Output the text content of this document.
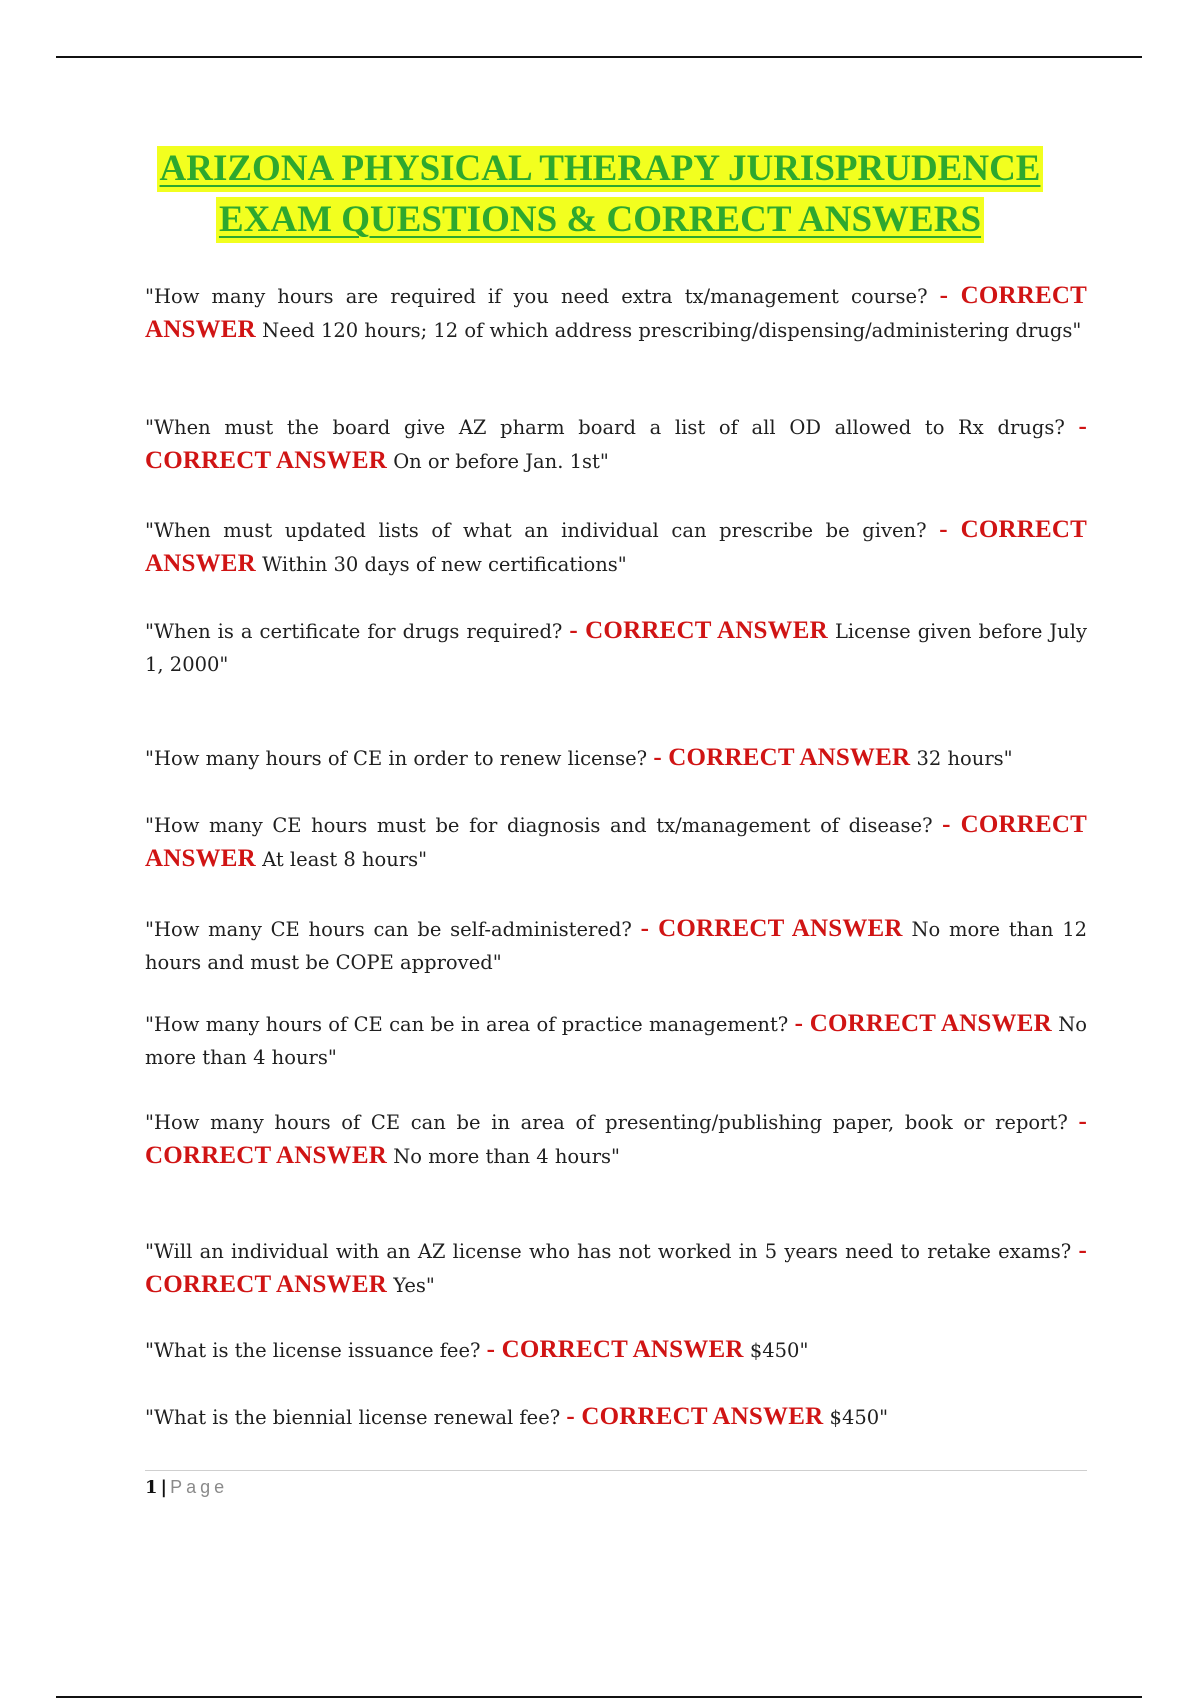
ARIZONA PHYSICAL THERAPY JURISPRUDENCE
EXAM QUESTIONS & CORRECT ANSWERS

"How many hours are required if you need extra tx/management course? - CORRECT ANSWER Need 120 hours; 12 of which address prescribing/dispensing/administering drugs"

"When must the board give AZ pharm board a list of all OD allowed to Rx drugs? - CORRECT ANSWER On or before Jan. 1st"

"When must updated lists of what an individual can prescribe be given? - CORRECT ANSWER Within 30 days of new certifications"

"When is a certificate for drugs required? - CORRECT ANSWER License given before July 1, 2000"

"How many hours of CE in order to renew license? - CORRECT ANSWER 32 hours"

"How many CE hours must be for diagnosis and tx/management of disease? - CORRECT ANSWER At least 8 hours"

"How many CE hours can be self-administered? - CORRECT ANSWER No more than 12 hours and must be COPE approved"

"How many hours of CE can be in area of practice management? - CORRECT ANSWER No more than 4 hours"

"How many hours of CE can be in area of presenting/publishing paper, book or report? - CORRECT ANSWER No more than 4 hours"

"Will an individual with an AZ license who has not worked in 5 years need to retake exams? - CORRECT ANSWER Yes"

"What is the license issuance fee? - CORRECT ANSWER $450"

"What is the biennial license renewal fee? - CORRECT ANSWER $450"

1 | Page
